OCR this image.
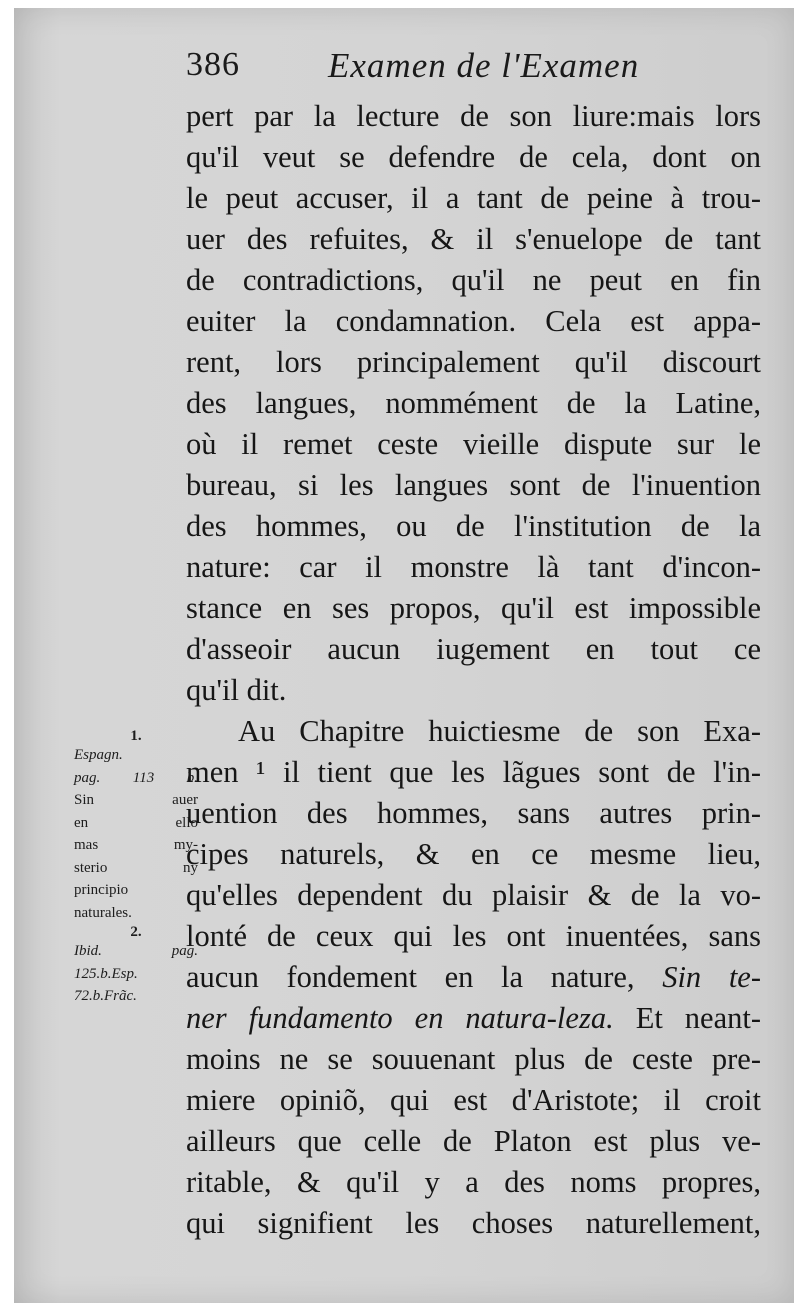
386	Examen de l'Examen
pert par la lecture de son liure:mais lors
qu'il veut se defendre de cela, dont on
le peut accuser, il a tant de peine à trou-
uer des refuites, & il s'enuelope de tant
de contradictions, qu'il ne peut en fin
euiter la condamnation. Cela est appa-
rent, lors principalement qu'il discourt
des langues, nommément de la Latine,
où il remet ceste vieille dispute sur le
bureau, si les langues sont de l'inuention
des hommes, ou de l'institution de la
nature: car il monstre là tant d'incon-
stance en ses propos, qu'il est impossible
d'asseoir aucun iugement en tout ce
qu'il dit.
Au Chapitre huictiesme de son Exa-
men ¹ il tient que les lãgues sont de l'in-
uention des hommes, sans autres prin-
cipes naturels, & en ce mesme lieu,
qu'elles dependent du plaisir & de la vo-
lonté de ceux qui les ont inuentées, sans
aucun fondement en la nature, Sin te-
ner fundamento en natura-leza. Et neant-
moins ne se souuenant plus de ceste pre-
miere opiniõ, qui est d'Aristote; il croit
ailleurs que celle de Platon est plus ve-
ritable, & qu'il y a des noms propres,
qui signifient les choses naturellement,
1.
Espagn.
pag. 113 b.
Sin auer
en ello
mas my-
sterio ny
principio
naturales.
2.
Ibid. pag.
125.b.Esp.
72.b.Frãc.
